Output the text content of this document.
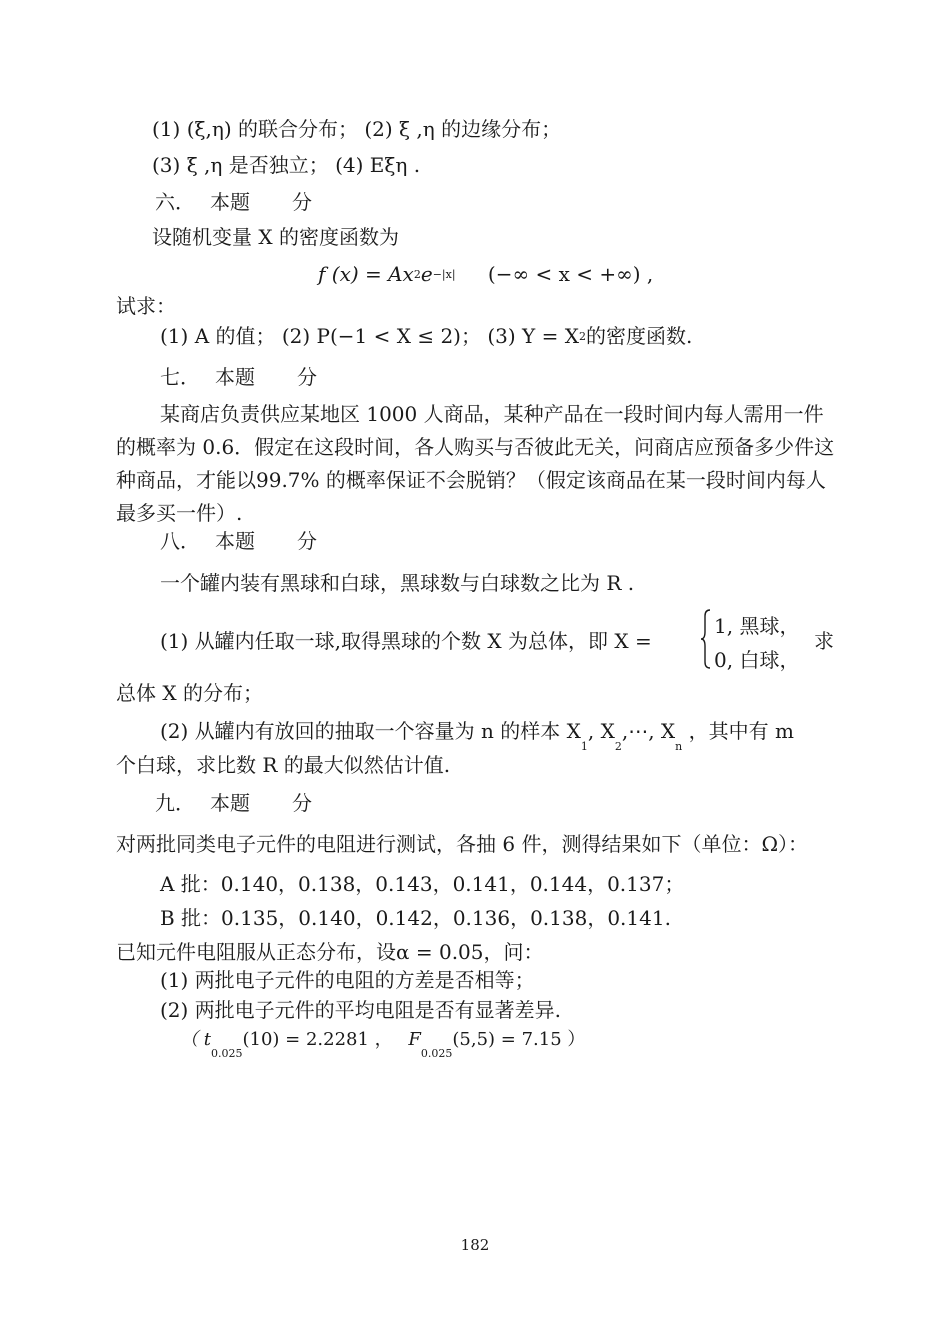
(1) (ξ,η) 的联合分布； (2) ξ ,η 的边缘分布；
(3) ξ ,η 是否独立； (4) Eξη .
六． 本题 分
设随机变量 X 的密度函数为
f (x) = Ax2e−|x| (−∞ < x < +∞) ,
试求：
(1) A 的值； (2) P(−1 < X ≤ 2)； (3) Y = X2的密度函数.
七． 本题 分
某商店负责供应某地区 1000 人商品，某种产品在一段时间内每人需用一件的概率为 0.6．假定在这段时间，各人购买与否彼此无关，问商店应预备多少件这种商品，才能以99.7% 的概率保证不会脱销？（假定该商品在某一段时间内每人最多买一件）.
八． 本题 分
一个罐内装有黑球和白球，黑球数与白球数之比为 R .
(1) 从罐内任取一球,取得黑球的个数 X 为总体，即 X =
1, 黑球，
0, 白球，
求
总体 X 的分布；
(2) 从罐内有放回的抽取一个容量为 n 的样本 $X_1$, $X_2,\cdots$, $X_n$ ，其中有 m
个白球，求比数 R 的最大似然估计值.
九． 本题 分
对两批同类电子元件的电阻进行测试，各抽 6 件，测得结果如下（单位：Ω）：
A 批：0.140，0.138，0.143，0.141，0.144，0.137；
B 批：0.135，0.140，0.142，0.136，0.138，0.141.
已知元件电阻服从正态分布，设α = 0.05，问：
(1) 两批电子元件的电阻的方差是否相等；
(2) 两批电子元件的平均电阻是否有显著差异.
（ $t_{0.025}(10) = 2.2281$ ， $F_{0.025}(5,5) = 7.15$ ）
182
